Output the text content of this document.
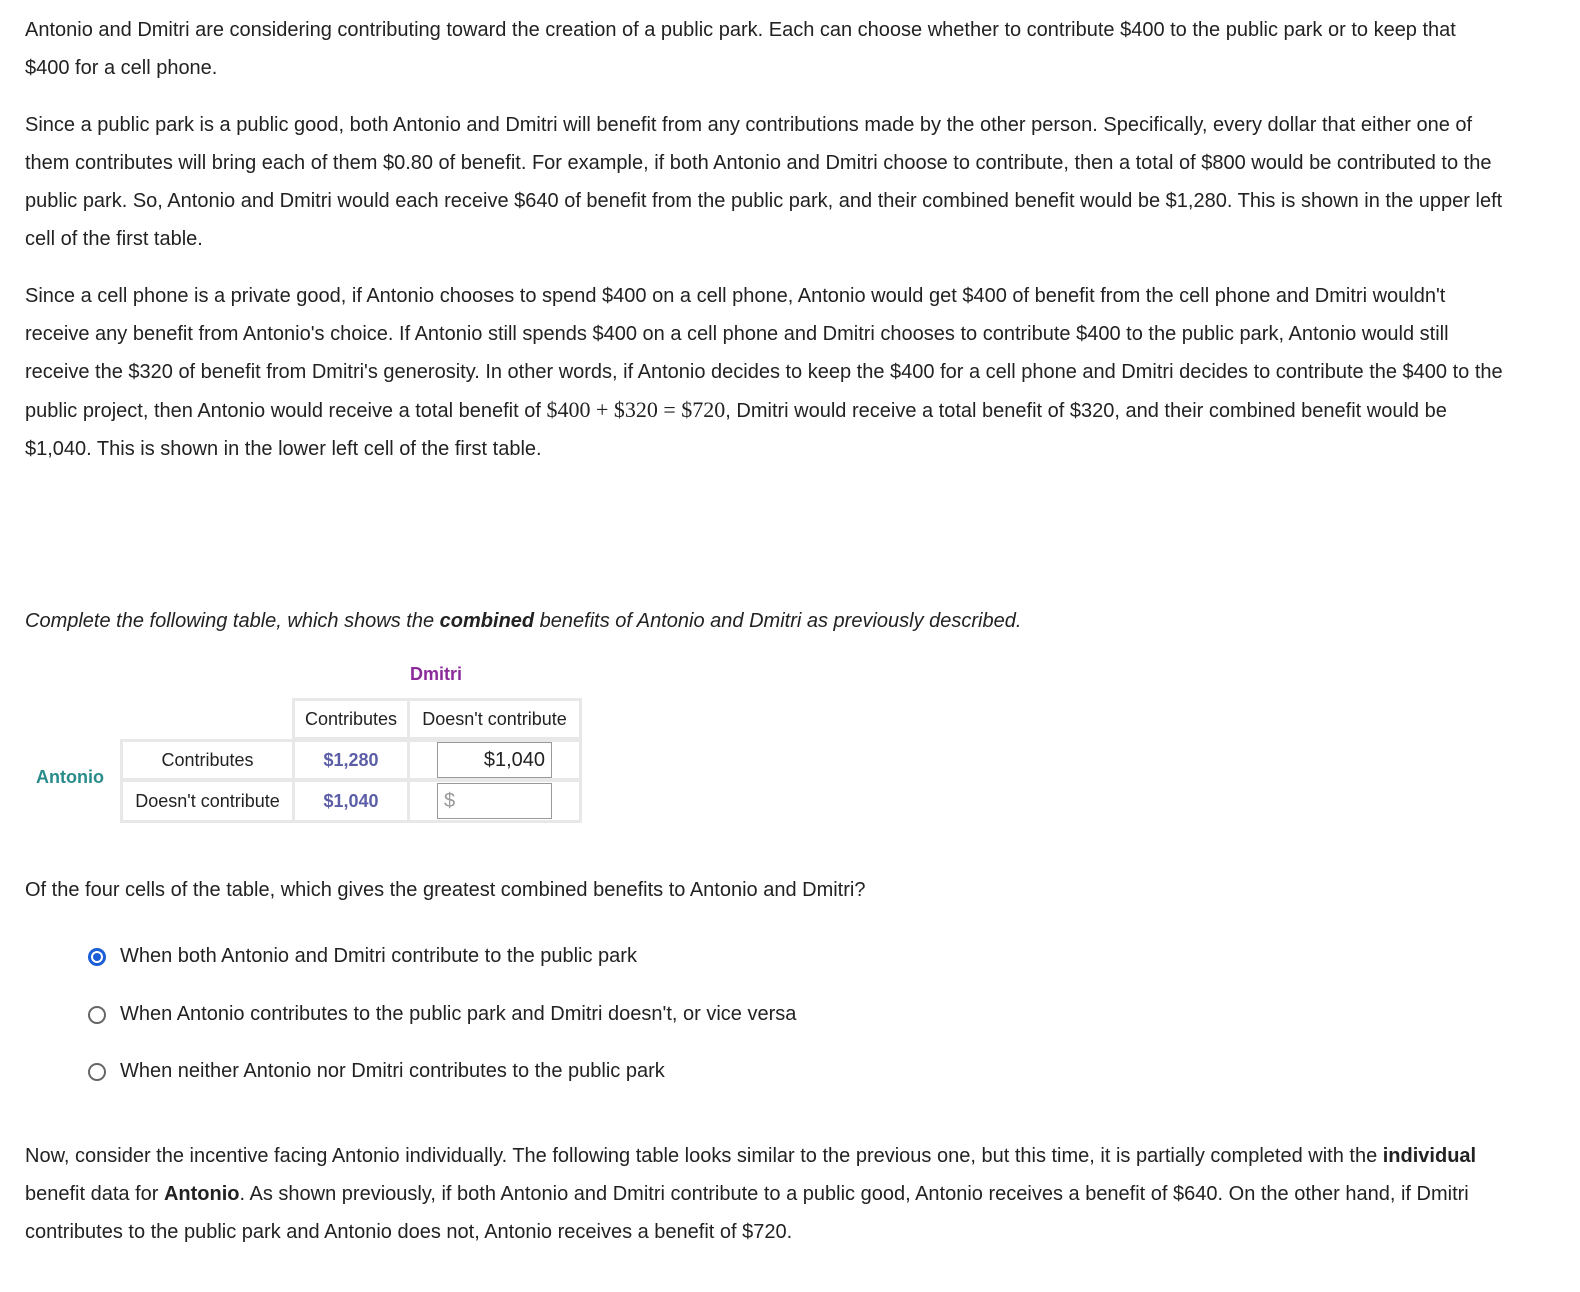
Antonio and Dmitri are considering contributing toward the creation of a public park. Each can choose whether to contribute $400 to the public park or to keep that $400 for a cell phone.

Since a public park is a public good, both Antonio and Dmitri will benefit from any contributions made by the other person. Specifically, every dollar that either one of them contributes will bring each of them $0.80 of benefit. For example, if both Antonio and Dmitri choose to contribute, then a total of $800 would be contributed to the public park. So, Antonio and Dmitri would each receive $640 of benefit from the public park, and their combined benefit would be $1,280. This is shown in the upper left cell of the first table.

Since a cell phone is a private good, if Antonio chooses to spend $400 on a cell phone, Antonio would get $400 of benefit from the cell phone and Dmitri wouldn't receive any benefit from Antonio's choice. If Antonio still spends $400 on a cell phone and Dmitri chooses to contribute $400 to the public park, Antonio would still receive the $320 of benefit from Dmitri's generosity. In other words, if Antonio decides to keep the $400 for a cell phone and Dmitri decides to contribute the $400 to the public project, then Antonio would receive a total benefit of $400 + $320 = $720, Dmitri would receive a total benefit of $320, and their combined benefit would be $1,040. This is shown in the lower left cell of the first table.

Complete the following table, which shows the combined benefits of Antonio and Dmitri as previously described.
Dmitri
Antonio
Contributes	Doesn't contribute
Contributes
Doesn't contribute
$1,280
$1,040
$1,040
$
Of the four cells of the table, which gives the greatest combined benefits to Antonio and Dmitri?
When both Antonio and Dmitri contribute to the public park
When Antonio contributes to the public park and Dmitri doesn't, or vice versa
When neither Antonio nor Dmitri contributes to the public park

Now, consider the incentive facing Antonio individually. The following table looks similar to the previous one, but this time, it is partially completed with the individual benefit data for Antonio. As shown previously, if both Antonio and Dmitri contribute to a public good, Antonio receives a benefit of $640. On the other hand, if Dmitri contributes to the public park and Antonio does not, Antonio receives a benefit of $720.
